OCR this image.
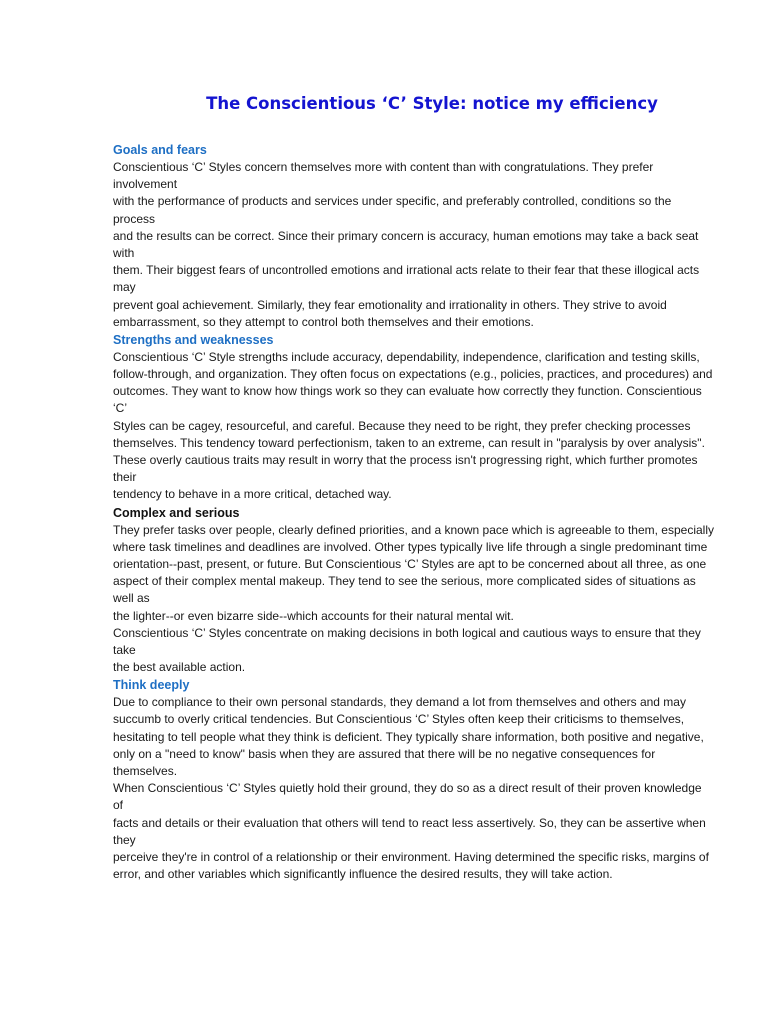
The Conscientious ‘C’ Style: notice my efficiency
Goals and fears
Conscientious ‘C’ Styles concern themselves more with content than with congratulations. They prefer
involvement
with the performance of products and services under specific, and preferably controlled, conditions so the
process
and the results can be correct. Since their primary concern is accuracy, human emotions may take a back seat
with
them. Their biggest fears of uncontrolled emotions and irrational acts relate to their fear that these illogical acts
may
prevent goal achievement. Similarly, they fear emotionality and irrationality in others. They strive to avoid
embarrassment, so they attempt to control both themselves and their emotions.
Strengths and weaknesses
Conscientious ‘C’ Style strengths include accuracy, dependability, independence, clarification and testing skills,
follow-through, and organization. They often focus on expectations (e.g., policies, practices, and procedures) and
outcomes. They want to know how things work so they can evaluate how correctly they function. Conscientious
‘C’
Styles can be cagey, resourceful, and careful. Because they need to be right, they prefer checking processes
themselves. This tendency toward perfectionism, taken to an extreme, can result in "paralysis by over analysis".
These overly cautious traits may result in worry that the process isn't progressing right, which further promotes
their
tendency to behave in a more critical, detached way.
Complex and serious
They prefer tasks over people, clearly defined priorities, and a known pace which is agreeable to them, especially
where task timelines and deadlines are involved. Other types typically live life through a single predominant time
orientation--past, present, or future. But Conscientious ‘C’ Styles are apt to be concerned about all three, as one
aspect of their complex mental makeup. They tend to see the serious, more complicated sides of situations as
well as
the lighter--or even bizarre side--which accounts for their natural mental wit.
Conscientious ‘C’ Styles concentrate on making decisions in both logical and cautious ways to ensure that they
take
the best available action.
Think deeply
Due to compliance to their own personal standards, they demand a lot from themselves and others and may
succumb to overly critical tendencies. But Conscientious ‘C’ Styles often keep their criticisms to themselves,
hesitating to tell people what they think is deficient. They typically share information, both positive and negative,
only on a "need to know" basis when they are assured that there will be no negative consequences for
themselves.
When Conscientious ‘C’ Styles quietly hold their ground, they do so as a direct result of their proven knowledge
of
facts and details or their evaluation that others will tend to react less assertively. So, they can be assertive when
they
perceive they're in control of a relationship or their environment. Having determined the specific risks, margins of
error, and other variables which significantly influence the desired results, they will take action.
